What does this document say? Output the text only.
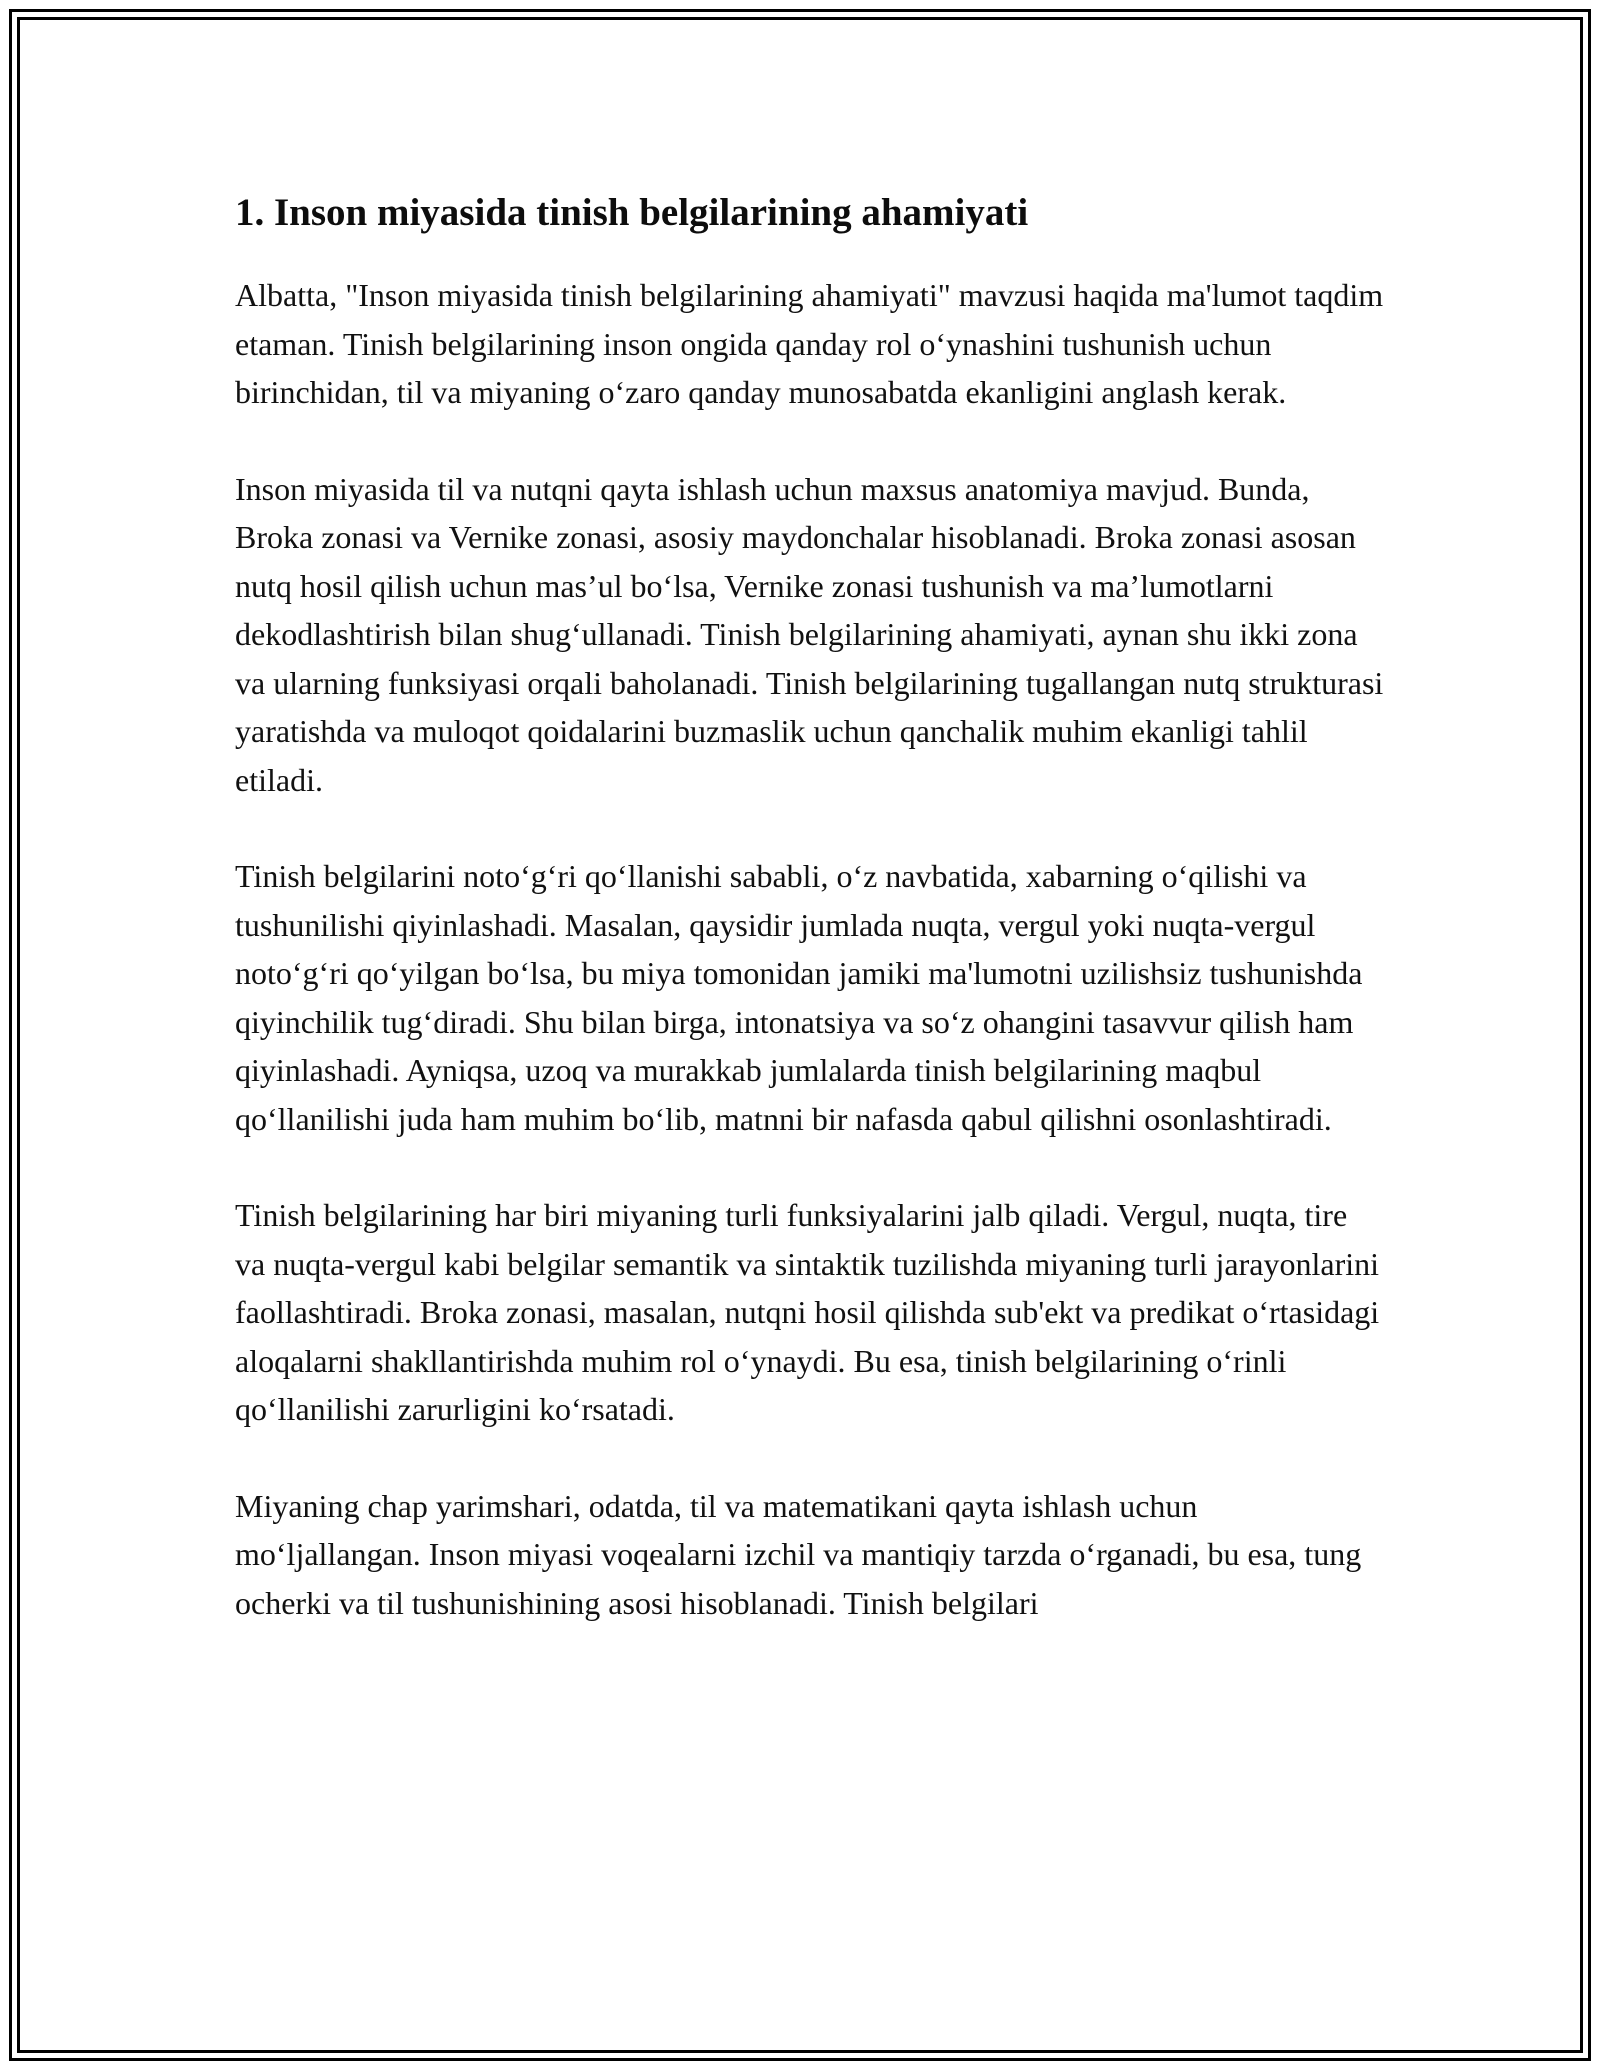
1. Inson miyasida tinish belgilarining ahamiyati

Albatta, "Inson miyasida tinish belgilarining ahamiyati" mavzusi haqida ma'lumot taqdim etaman. Tinish belgilarining inson ongida qanday rol o‘ynashini tushunish uchun birinchidan, til va miyaning o‘zaro qanday munosabatda ekanligini anglash kerak.

Inson miyasida til va nutqni qayta ishlash uchun maxsus anatomiya mavjud. Bunda, Broka zonasi va Vernike zonasi, asosiy maydonchalar hisoblanadi. Broka zonasi asosan nutq hosil qilish uchun mas’ul bo‘lsa, Vernike zonasi tushunish va ma’lumotlarni dekodlashtirish bilan shug‘ullanadi. Tinish belgilarining ahamiyati, aynan shu ikki zona va ularning funksiyasi orqali baholanadi. Tinish belgilarining tugallangan nutq strukturasi yaratishda va muloqot qoidalarini buzmaslik uchun qanchalik muhim ekanligi tahlil etiladi.

Tinish belgilarini noto‘g‘ri qo‘llanishi sababli, o‘z navbatida, xabarning o‘qilishi va tushunilishi qiyinlashadi. Masalan, qaysidir jumlada nuqta, vergul yoki nuqta-vergul noto‘g‘ri qo‘yilgan bo‘lsa, bu miya tomonidan jamiki ma'lumotni uzilishsiz tushunishda qiyinchilik tug‘diradi. Shu bilan birga, intonatsiya va so‘z ohangini tasavvur qilish ham qiyinlashadi. Ayniqsa, uzoq va murakkab jumlalarda tinish belgilarining maqbul qo‘llanilishi juda ham muhim bo‘lib, matnni bir nafasda qabul qilishni osonlashtiradi.

Tinish belgilarining har biri miyaning turli funksiyalarini jalb qiladi. Vergul, nuqta, tire va nuqta-vergul kabi belgilar semantik va sintaktik tuzilishda miyaning turli jarayonlarini faollashtiradi. Broka zonasi, masalan, nutqni hosil qilishda sub'ekt va predikat o‘rtasidagi aloqalarni shakllantirishda muhim rol o‘ynaydi. Bu esa, tinish belgilarining o‘rinli qo‘llanilishi zarurligini ko‘rsatadi.

Miyaning chap yarimshari, odatda, til va matematikani qayta ishlash uchun mo‘ljallangan. Inson miyasi voqealarni izchil va mantiqiy tarzda o‘rganadi, bu esa, tung ocherki va til tushunishining asosi hisoblanadi. Tinish belgilari
